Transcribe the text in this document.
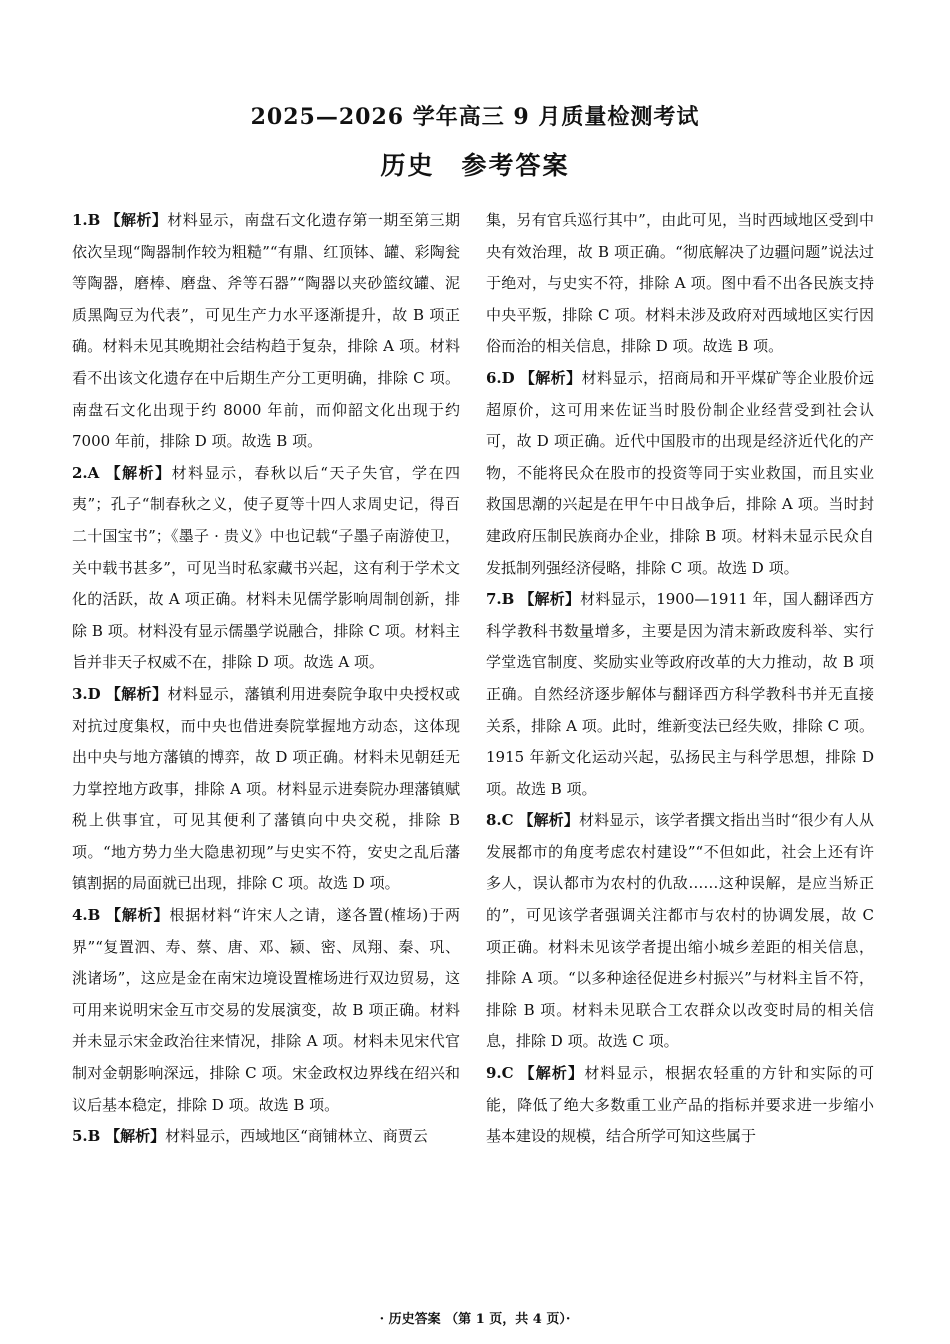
2025—2026 学年高三 9 月质量检测考试
历史　参考答案

1.B 【解析】材料显示，南盘石文化遗存第一期至第三期依次呈现“陶器制作较为粗糙”“有鼎、红顶钵、罐、彩陶瓮等陶器，磨棒、磨盘、斧等石器”“陶器以夹砂篮纹罐、泥质黑陶豆为代表”，可见生产力水平逐渐提升，故 B 项正确。材料未见其晚期社会结构趋于复杂，排除 A 项。材料看不出该文化遗存在中后期生产分工更明确，排除 C 项。南盘石文化出现于约 8000 年前，而仰韶文化出现于约 7000 年前，排除 D 项。故选 B 项。

2.A 【解析】材料显示，春秋以后“天子失官，学在四夷”；孔子“制春秋之义，使子夏等十四人求周史记，得百二十国宝书”；《墨子 · 贵义》中也记载“子墨子南游使卫，关中载书甚多”，可见当时私家藏书兴起，这有利于学术文化的活跃，故 A 项正确。材料未见儒学影响周制创新，排除 B 项。材料没有显示儒墨学说融合，排除 C 项。材料主旨并非天子权威不在，排除 D 项。故选 A 项。

3.D 【解析】材料显示，藩镇利用进奏院争取中央授权或对抗过度集权，而中央也借进奏院掌握地方动态，这体现出中央与地方藩镇的博弈，故 D 项正确。材料未见朝廷无力掌控地方政事，排除 A 项。材料显示进奏院办理藩镇赋税上供事宜，可见其便利了藩镇向中央交税，排除 B 项。“地方势力坐大隐患初现”与史实不符，安史之乱后藩镇割据的局面就已出现，排除 C 项。故选 D 项。

4.B 【解析】根据材料“许宋人之请，遂各置(榷场)于两界”“复置泗、寿、蔡、唐、邓、颍、密、凤翔、秦、巩、洮诸场”，这应是金在南宋边境设置榷场进行双边贸易，这可用来说明宋金互市交易的发展演变，故 B 项正确。材料并未显示宋金政治往来情况，排除 A 项。材料未见宋代官制对金朝影响深远，排除 C 项。宋金政权边界线在绍兴和议后基本稳定，排除 D 项。故选 B 项。

5.B 【解析】材料显示，西域地区“商铺林立、商贾云

集，另有官兵巡行其中”，由此可见，当时西域地区受到中央有效治理，故 B 项正确。“彻底解决了边疆问题”说法过于绝对，与史实不符，排除 A 项。图中看不出各民族支持中央平叛，排除 C 项。材料未涉及政府对西域地区实行因俗而治的相关信息，排除 D 项。故选 B 项。

6.D 【解析】材料显示，招商局和开平煤矿等企业股价远超原价，这可用来佐证当时股份制企业经营受到社会认可，故 D 项正确。近代中国股市的出现是经济近代化的产物，不能将民众在股市的投资等同于实业救国，而且实业救国思潮的兴起是在甲午中日战争后，排除 A 项。当时封建政府压制民族商办企业，排除 B 项。材料未显示民众自发抵制列强经济侵略，排除 C 项。故选 D 项。

7.B 【解析】材料显示，1900—1911 年，国人翻译西方科学教科书数量增多，主要是因为清末新政废科举、实行学堂选官制度、奖励实业等政府改革的大力推动，故 B 项正确。自然经济逐步解体与翻译西方科学教科书并无直接关系，排除 A 项。此时，维新变法已经失败，排除 C 项。1915 年新文化运动兴起，弘扬民主与科学思想，排除 D 项。故选 B 项。

8.C 【解析】材料显示，该学者撰文指出当时“很少有人从发展都市的角度考虑农村建设”“不但如此，社会上还有许多人，误认都市为农村的仇敌……这种误解，是应当矫正的”，可见该学者强调关注都市与农村的协调发展，故 C 项正确。材料未见该学者提出缩小城乡差距的相关信息，排除 A 项。“以多种途径促进乡村振兴”与材料主旨不符，排除 B 项。材料未见联合工农群众以改变时局的相关信息，排除 D 项。故选 C 项。

9.C 【解析】材料显示，根据农轻重的方针和实际的可能，降低了绝大多数重工业产品的指标并要求进一步缩小基本建设的规模，结合所学可知这些属于

· 历史答案 （第 1 页，共 4 页）·
